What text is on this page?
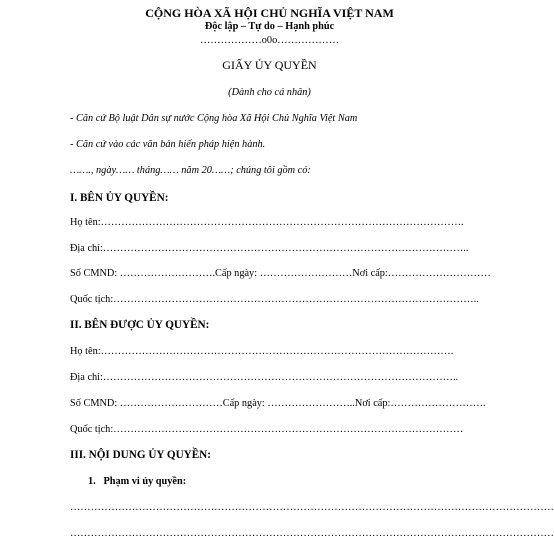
CỘNG HÒA XÃ HỘI CHỦ NGHĨA VIỆT NAM
Độc lập – Tự do – Hạnh phúc
………………o0o………………
GIẤY ỦY QUYỀN
(Dành cho cá nhân)
- Căn cứ Bộ luật Dân sự nước Cộng hòa Xã Hội Chủ Nghĩa Việt Nam
- Căn cứ vào các văn bản hiến pháp hiện hành.
……., ngày…… tháng…… năm 20……; chúng tôi gồm có:
I. BÊN ỦY QUYỀN:
Họ tên:…………………………………………………………………………………………….
Địa chỉ:……………………………………………………………………………………………..
Số CMND: ……………………….Cấp ngày: ………………………Nơi cấp:…………………………
Quốc tịch:……………………………………………………………………………………………..
II. BÊN ĐƯỢC ỦY QUYỀN:
Họ tên:………………………………………………………………………………………….
Địa chỉ:…………………………………………………………………………………………..
Số CMND: …………………………Cấp ngày: ……………………..Nơi cấp:……………………….
Quốc tịch:…………………………………………………………………………………………
III. NỘI DUNG ỦY QUYỀN:
1.   Phạm vi ủy quyền:
……………………………………………………………………………………………………………………………
……………………………………………………………………………………………………………………………
